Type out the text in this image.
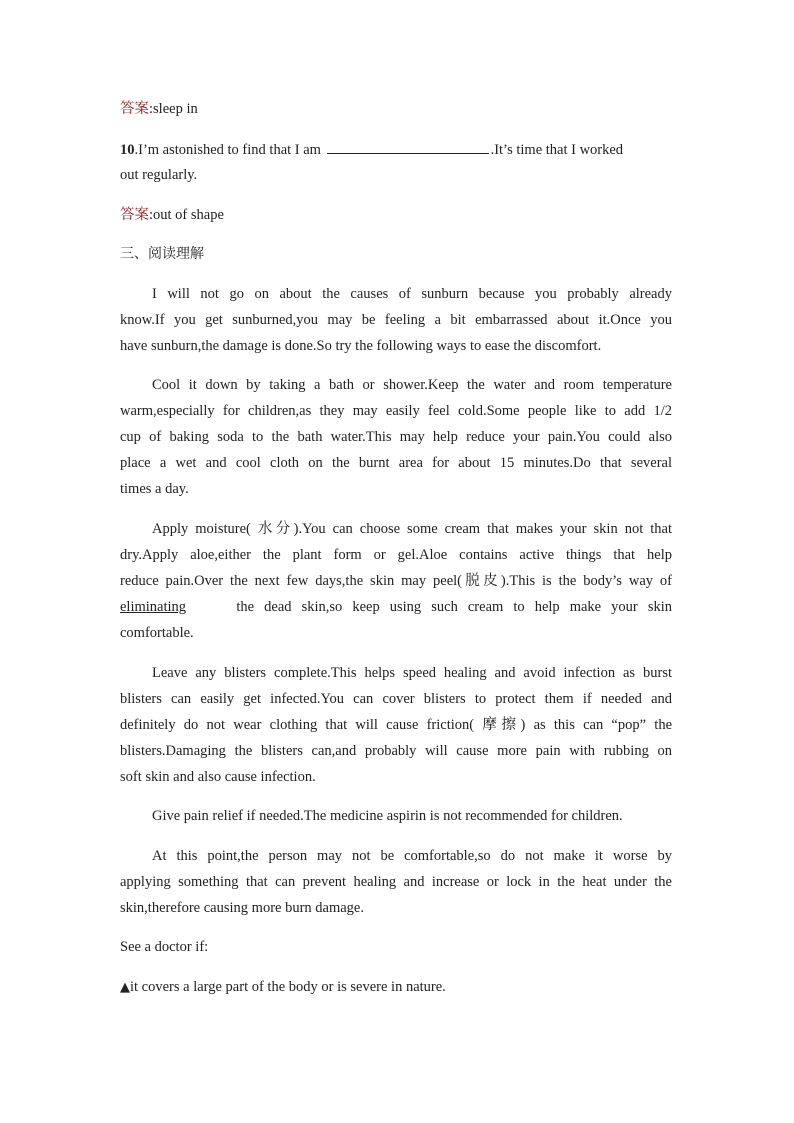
答案:sleep in
10.I’m astonished to find that I am	.It’s time that I worked
out regularly.
答案:out of shape
三、阅读理解
I will not go on about the causes of sunburn because you probably already
know.If you get sunburned,you may be feeling a bit embarrassed about it.Once you
have sunburn,the damage is done.So try the following ways to ease the discomfort.
Cool it down by taking a bath or shower.Keep the water and room temperature
warm,especially for children,as they may easily feel cold.Some people like to add 1/2
cup of baking soda to the bath water.This may help reduce your pain.You could also
place a wet and cool cloth on the burnt area for about 15 minutes.Do that several
times a day.
Apply moisture( 水分).You can choose some cream that makes your skin not that
dry.Apply aloe,either the plant form or gel.Aloe contains active things that help
reduce pain.Over the next few days,the skin may peel(脱皮).This is the body’s way of
eliminating	the dead skin,so keep using such cream to help make your skin
comfortable.
Leave any blisters complete.This helps speed healing and avoid infection as burst
blisters can easily get infected.You can cover blisters to protect them if needed and
definitely do not wear clothing that will cause friction( 摩擦) as this can “pop” the
blisters.Damaging the blisters can,and probably will cause more pain with rubbing on
soft skin and also cause infection.
Give pain relief if needed.The medicine aspirin is not recommended for children.
At this point,the person may not be comfortable,so do not make it worse by
applying something that can prevent healing and increase or lock in the heat under the
skin,therefore causing more burn damage.
See a doctor if:
▲it covers a large part of the body or is severe in nature.
